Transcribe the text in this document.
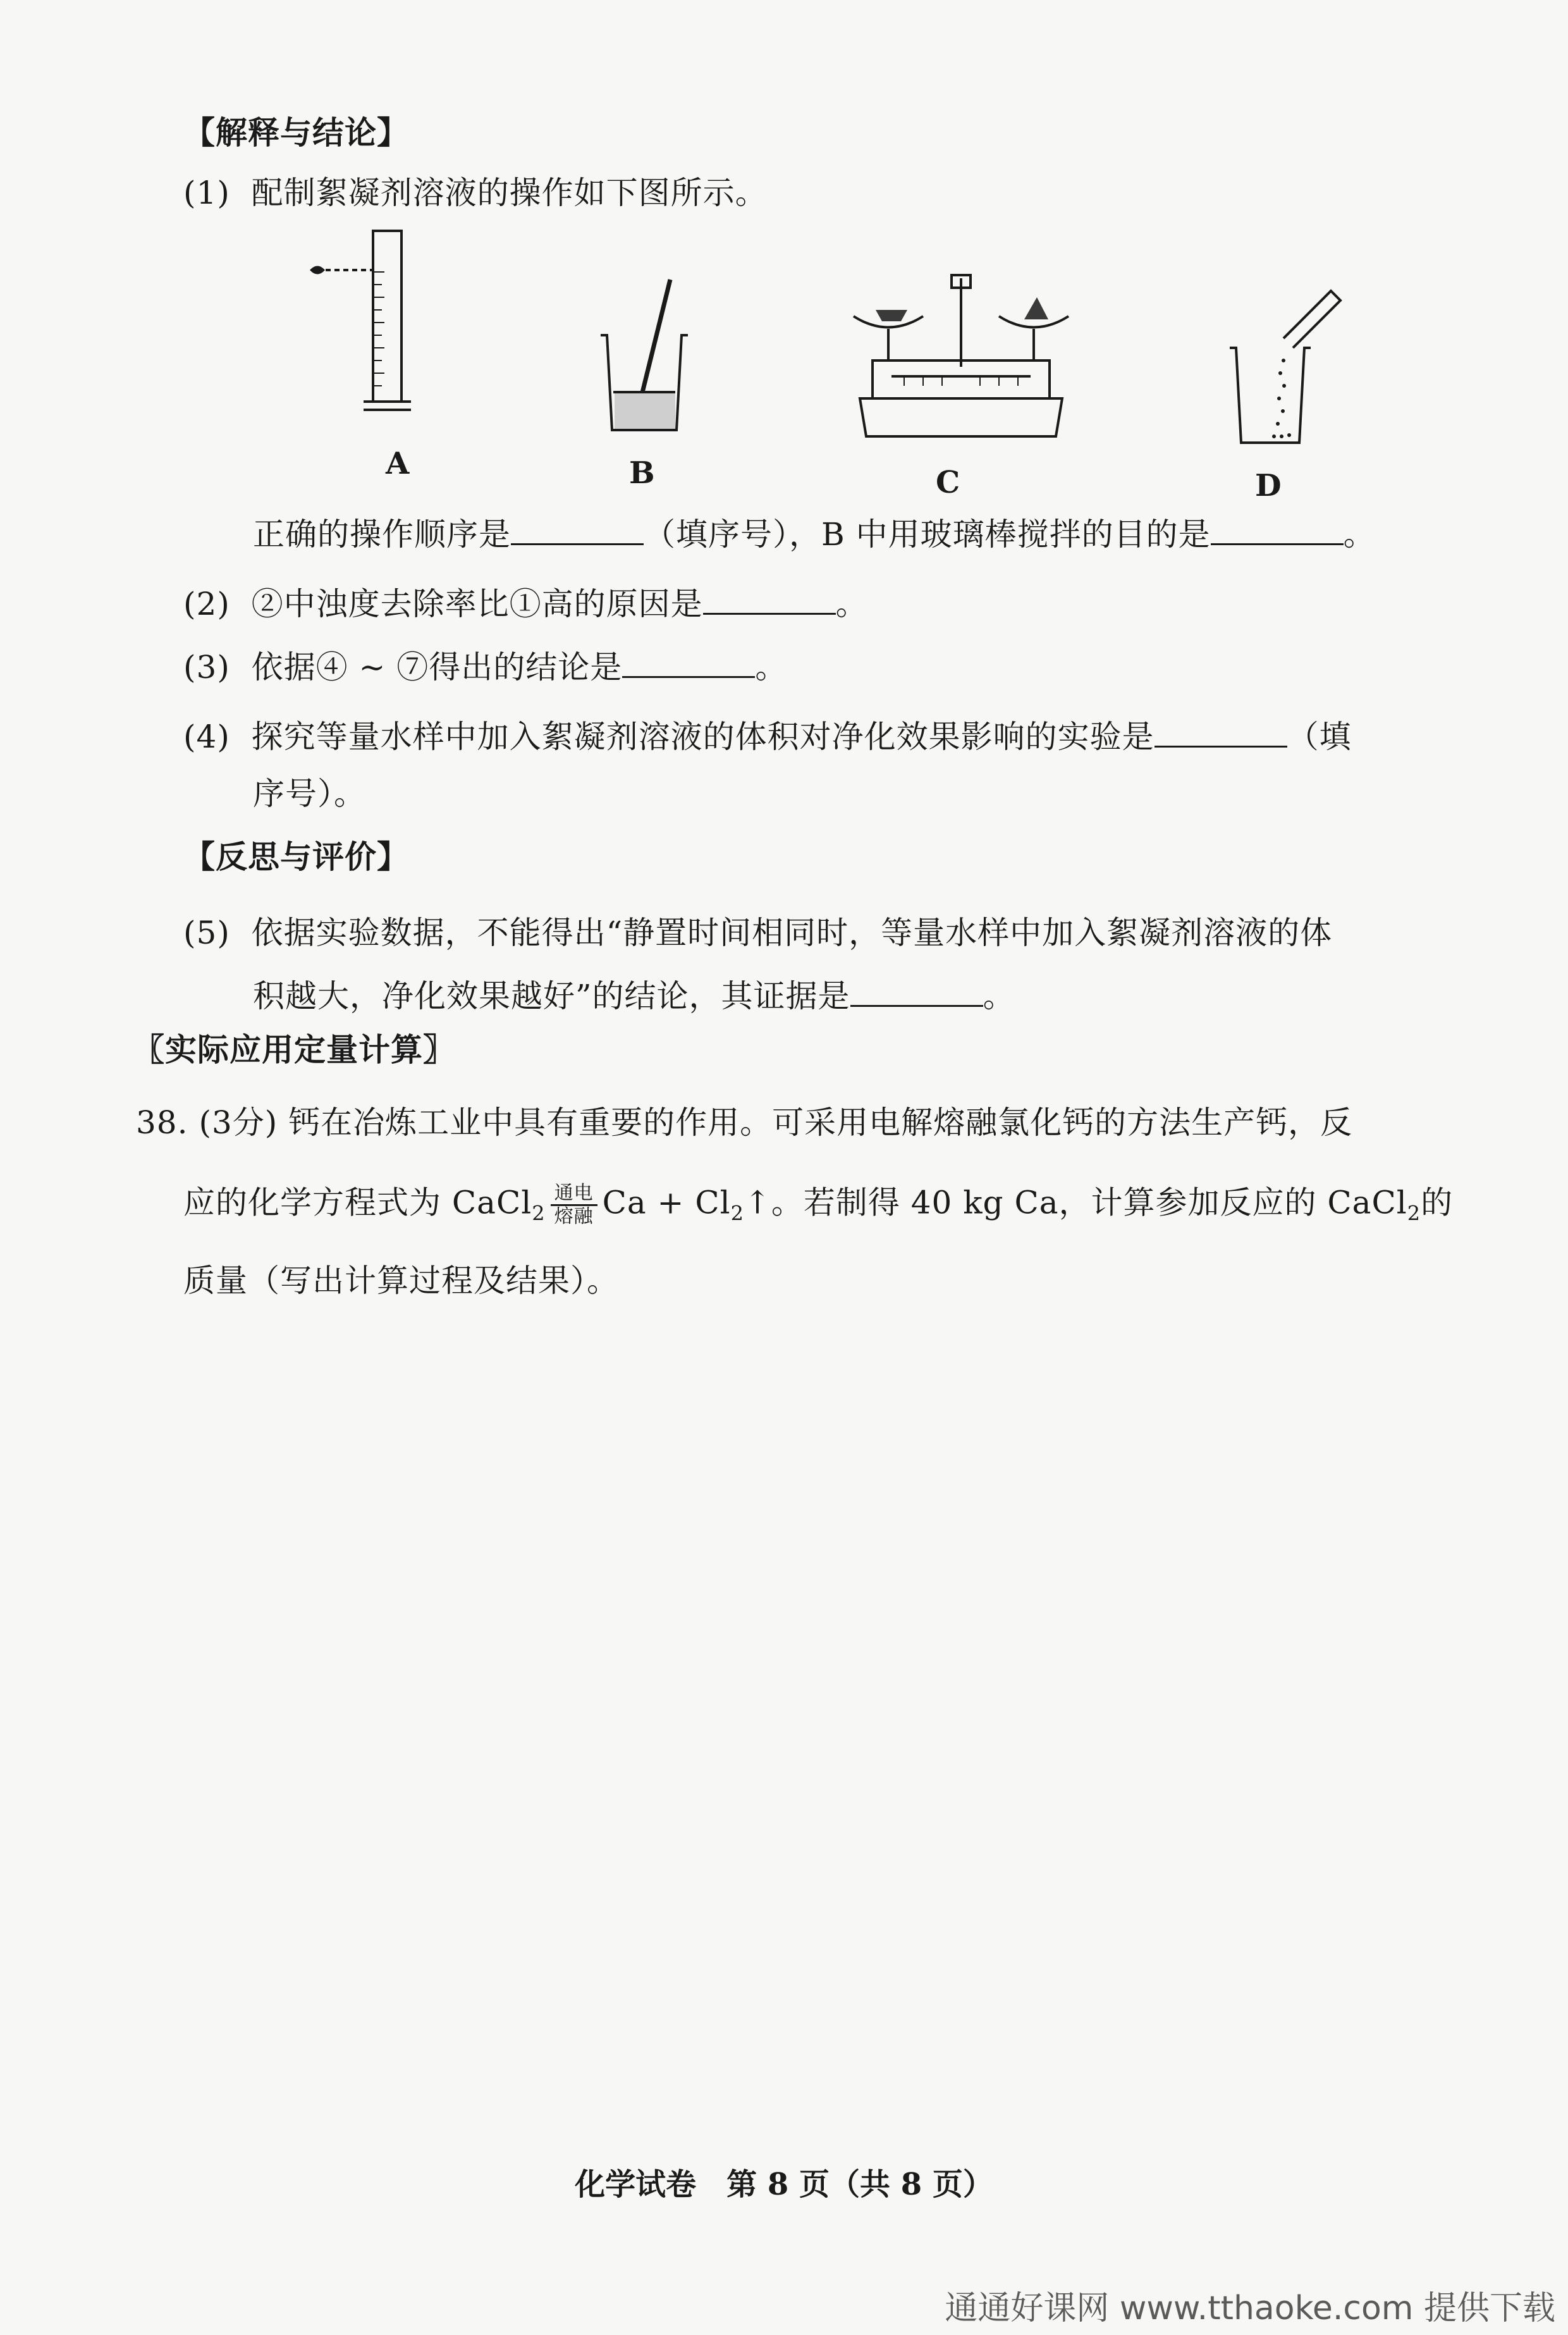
【解释与结论】
(1) 配制絮凝剂溶液的操作如下图所示。
A	B	C	D
正确的操作顺序是	（填序号），B 中用玻璃棒搅拌的目的是	。
(2) ②中浊度去除率比①高的原因是	。
(3) 依据④ ~ ⑦得出的结论是	。
(4) 探究等量水样中加入絮凝剂溶液的体积对净化效果影响的实验是	（填
序号）。
【反思与评价】
(5) 依据实验数据，不能得出“静置时间相同时，等量水样中加入絮凝剂溶液的体
积越大，净化效果越好”的结论，其证据是	。
〖实际应用定量计算〗
38. (3分) 钙在冶炼工业中具有重要的作用。可采用电解熔融氯化钙的方法生产钙，反
应的化学方程式为 CaCl$_2$ $\frac{\text{通电}}{\text{熔融}}$ $Ca + Cl_2↑$。若制得 40 kg Ca，计算参加反应的 CaCl$_2$的
质量（写出计算过程及结果）。
化学试卷　第 8 页（共 8 页）
通通好课网 www.tthaoke.com 提供下载
